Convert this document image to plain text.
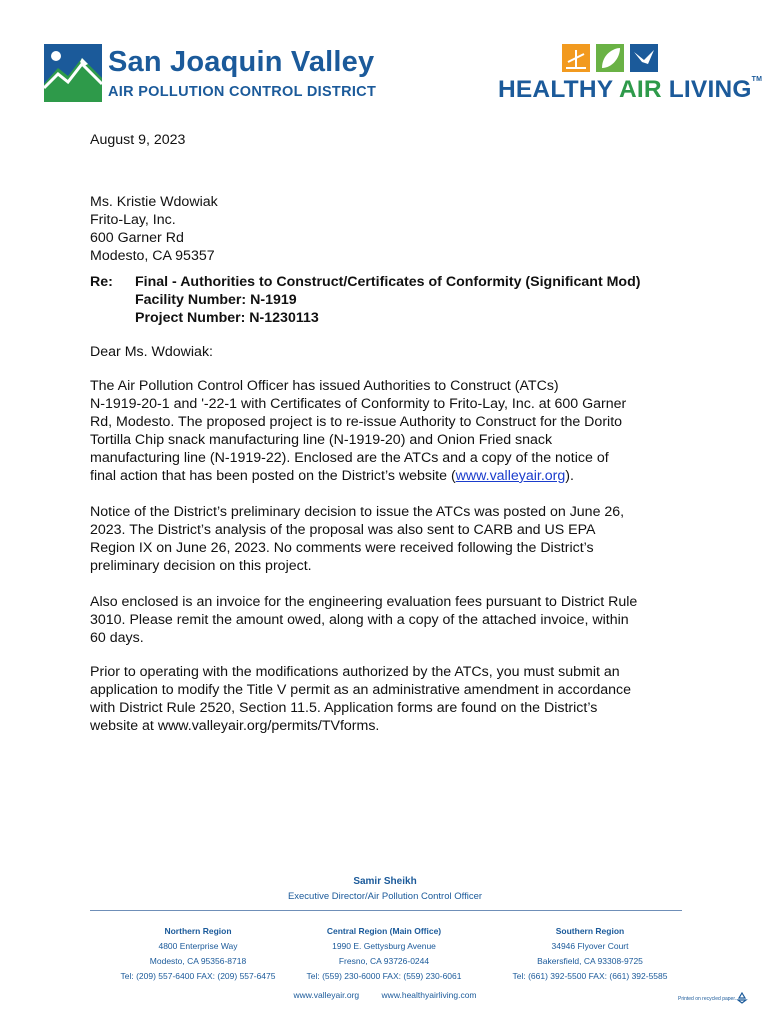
San Joaquin Valley
AIR POLLUTION CONTROL DISTRICT	HEALTHY AIR LIVING™
August 9, 2023
Ms. Kristie Wdowiak
Frito-Lay, Inc.
600 Garner Rd
Modesto, CA 95357
Re: Final - Authorities to Construct/Certificates of Conformity (Significant Mod)
Facility Number: N-1919
Project Number: N-1230113
Dear Ms. Wdowiak:
The Air Pollution Control Officer has issued Authorities to Construct (ATCs)
N-1919-20-1 and '-22-1 with Certificates of Conformity to Frito-Lay, Inc. at 600 Garner
Rd, Modesto. The proposed project is to re-issue Authority to Construct for the Dorito
Tortilla Chip snack manufacturing line (N-1919-20) and Onion Fried snack
manufacturing line (N-1919-22). Enclosed are the ATCs and a copy of the notice of
final action that has been posted on the District’s website (www.valleyair.org).
Notice of the District’s preliminary decision to issue the ATCs was posted on June 26,
2023. The District’s analysis of the proposal was also sent to CARB and US EPA
Region IX on June 26, 2023. No comments were received following the District’s
preliminary decision on this project.
Also enclosed is an invoice for the engineering evaluation fees pursuant to District Rule
3010. Please remit the amount owed, along with a copy of the attached invoice, within
60 days.
Prior to operating with the modifications authorized by the ATCs, you must submit an
application to modify the Title V permit as an administrative amendment in accordance
with District Rule 2520, Section 11.5. Application forms are found on the District’s
website at www.valleyair.org/permits/TVforms.
Samir Sheikh
Executive Director/Air Pollution Control Officer
Northern Region
4800 Enterprise Way
Modesto, CA 95356-8718
Tel: (209) 557-6400 FAX: (209) 557-6475
Central Region (Main Office)
1990 E. Gettysburg Avenue
Fresno, CA 93726-0244
Tel: (559) 230-6000 FAX: (559) 230-6061
Southern Region
34946 Flyover Court
Bakersfield, CA 93308-9725
Tel: (661) 392-5500 FAX: (661) 392-5585
www.valleyair.org	www.healthyairliving.com	Printed on recycled paper.
